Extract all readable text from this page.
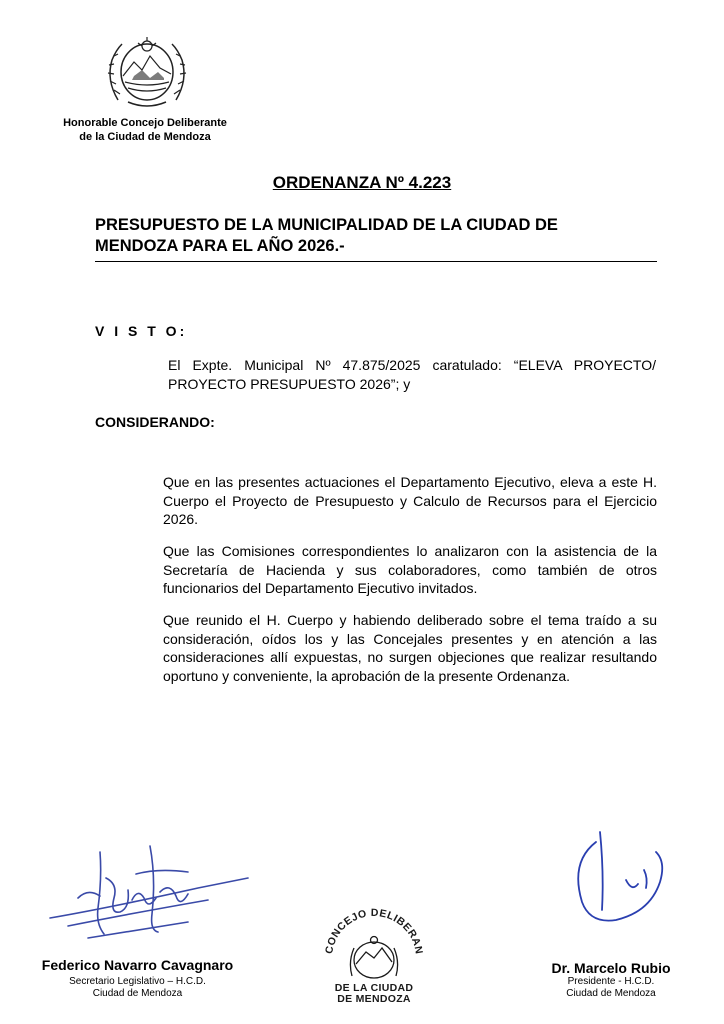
Honorable Concejo Deliberante
de la Ciudad de Mendoza
ORDENANZA Nº 4.223
PRESUPUESTO DE LA MUNICIPALIDAD DE LA CIUDAD DE
MENDOZA PARA EL AÑO 2026.-
V I S T O:
El Expte. Municipal Nº 47.875/2025 caratulado: “ELEVA PROYECTO/ PROYECTO PRESUPUESTO 2026”; y
CONSIDERANDO:
Que en las presentes actuaciones el Departamento Ejecutivo, eleva a este H. Cuerpo el Proyecto de Presupuesto y Calculo de Recursos para el Ejercicio 2026.
Que las Comisiones correspondientes lo analizaron con la asistencia de la Secretaría de Hacienda y sus colaboradores, como también de otros funcionarios del Departamento Ejecutivo invitados.
Que reunido el H. Cuerpo y habiendo deliberado sobre el tema traído a su consideración, oídos los y las Concejales presentes y en atención a las consideraciones allí expuestas, no surgen objeciones que realizar resultando oportuno y conveniente, la aprobación de la presente Ordenanza.
CONCEJO DELIBERAN
DE LA CIUDAD
DE MENDOZA
Federico Navarro Cavagnaro
Secretario Legislativo – H.C.D.
Ciudad de Mendoza
Dr. Marcelo Rubio
Presidente - H.C.D.
Ciudad de Mendoza
